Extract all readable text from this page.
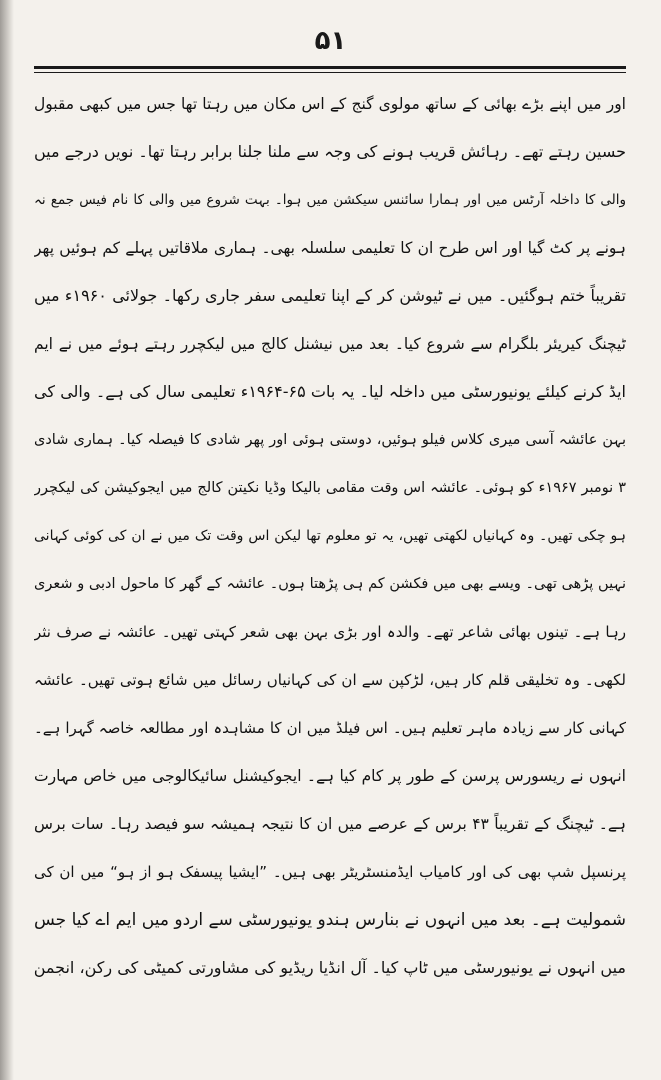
۵۱
اور میں اپنے بڑے بھائی کے ساتھ مولوی گنج کے اس مکان میں رہتا تھا جس میں کبھی مقبول
حسین رہتے تھے۔ رہائش قریب ہونے کی وجہ سے ملنا جلنا برابر رہتا تھا۔ نویں درجے میں
والی کا داخلہ آرٹس میں اور ہمارا سائنس سیکشن میں ہوا۔ بہت شروع میں والی کا نام فیس جمع نہ
ہونے پر کٹ گیا اور اس طرح ان کا تعلیمی سلسلہ بھی۔ ہماری ملاقاتیں پہلے کم ہوئیں پھر
تقریباً ختم ہوگئیں۔ میں نے ٹیوشن کر کے اپنا تعلیمی سفر جاری رکھا۔ جولائی ۱۹۶۰ء میں
ٹیچنگ کیریئر بلگرام سے شروع کیا۔ بعد میں نیشنل کالج میں لیکچرر رہتے ہوئے میں نے ایم
ایڈ کرنے کیلئے یونیورسٹی میں داخلہ لیا۔ یہ بات ۶۵-۱۹۶۴ء تعلیمی سال کی ہے۔ والی کی
بہن عائشہ آسی میری کلاس فیلو ہوئیں، دوستی ہوئی اور پھر شادی کا فیصلہ کیا۔ ہماری شادی
۳ نومبر ۱۹۶۷ء کو ہوئی۔ عائشہ اس وقت مقامی بالیکا وڈیا نکیتن کالج میں ایجوکیشن کی لیکچرر
ہو چکی تھیں۔ وہ کہانیاں لکھتی تھیں، یہ تو معلوم تھا لیکن اس وقت تک میں نے ان کی کوئی کہانی
نہیں پڑھی تھی۔ ویسے بھی میں فکشن کم ہی پڑھتا ہوں۔ عائشہ کے گھر کا ماحول ادبی و شعری
رہا ہے۔ تینوں بھائی شاعر تھے۔ والدہ اور بڑی بہن بھی شعر کہتی تھیں۔ عائشہ نے صرف نثر
لکھی۔ وہ تخلیقی قلم کار ہیں، لڑکپن سے ان کی کہانیاں رسائل میں شائع ہوتی تھیں۔ عائشہ
کہانی کار سے زیادہ ماہر تعلیم ہیں۔ اس فیلڈ میں ان کا مشاہدہ اور مطالعہ خاصہ گہرا ہے۔
انہوں نے ریسورس پرسن کے طور پر کام کیا ہے۔ ایجوکیشنل سائیکالوجی میں خاص مہارت
ہے۔ ٹیچنگ کے تقریباً ۴۳ برس کے عرصے میں ان کا نتیجہ ہمیشہ سو فیصد رہا۔ سات برس
پرنسپل شپ بھی کی اور کامیاب ایڈمنسٹریٹر بھی ہیں۔ ”ایشیا پیسفک ہو از ہو“ میں ان کی
شمولیت ہے۔ بعد میں انہوں نے بنارس ہندو یونیورسٹی سے اردو میں ایم اے کیا جس
میں انہوں نے یونیورسٹی میں ٹاپ کیا۔ آل انڈیا ریڈیو کی مشاورتی کمیٹی کی رکن، انجمن
